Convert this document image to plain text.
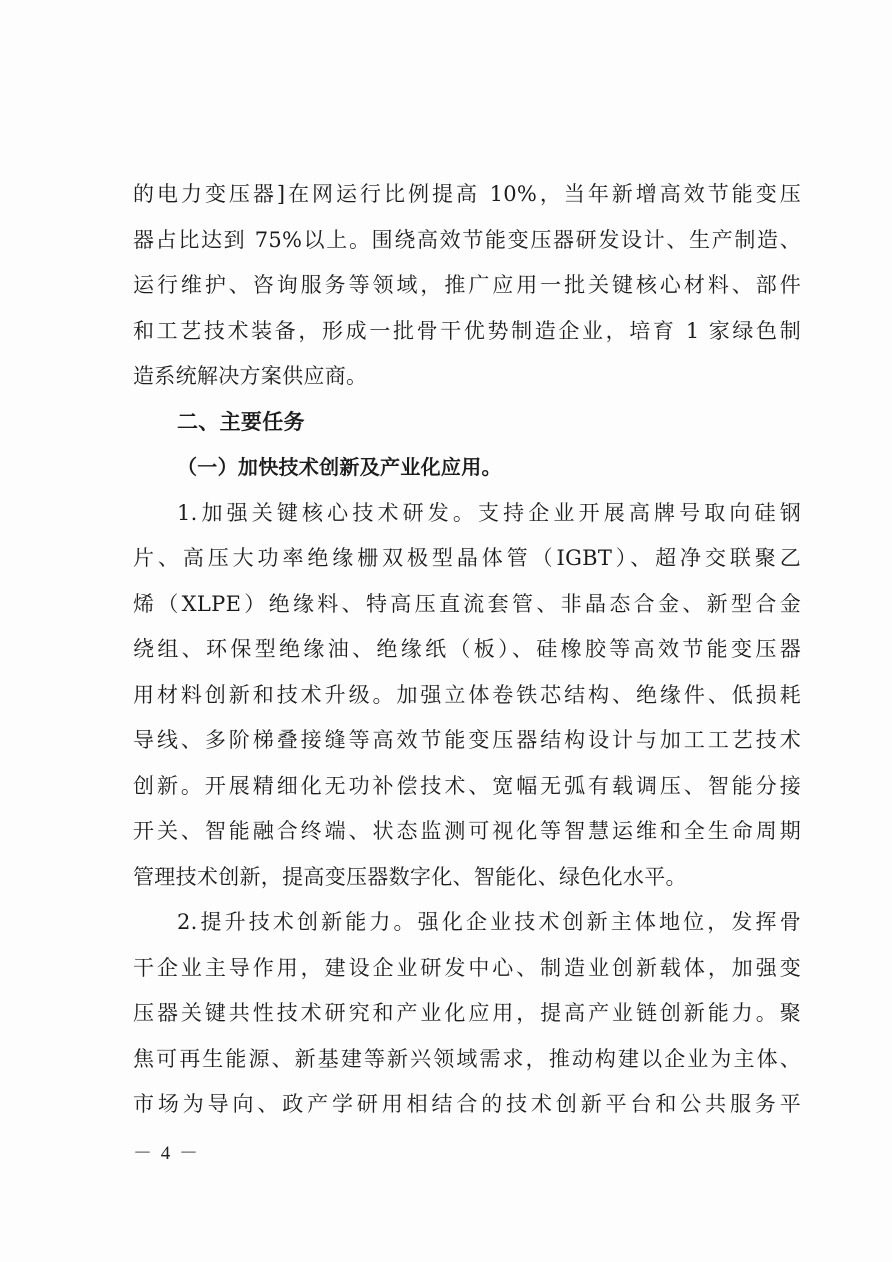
的电力变压器]在网运行比例提高 10%，当年新增高效节能变压
器占比达到 75%以上。围绕高效节能变压器研发设计、生产制造、
运行维护、咨询服务等领域，推广应用一批关键核心材料、部件
和工艺技术装备，形成一批骨干优势制造企业，培育 1 家绿色制
造系统解决方案供应商。
二、主要任务
（一）加快技术创新及产业化应用。
1.加强关键核心技术研发。支持企业开展高牌号取向硅钢
片、高压大功率绝缘栅双极型晶体管（IGBT）、超净交联聚乙
烯（XLPE）绝缘料、特高压直流套管、非晶态合金、新型合金
绕组、环保型绝缘油、绝缘纸（板）、硅橡胶等高效节能变压器
用材料创新和技术升级。加强立体卷铁芯结构、绝缘件、低损耗
导线、多阶梯叠接缝等高效节能变压器结构设计与加工工艺技术
创新。开展精细化无功补偿技术、宽幅无弧有载调压、智能分接
开关、智能融合终端、状态监测可视化等智慧运维和全生命周期
管理技术创新，提高变压器数字化、智能化、绿色化水平。
2.提升技术创新能力。强化企业技术创新主体地位，发挥骨
干企业主导作用，建设企业研发中心、制造业创新载体，加强变
压器关键共性技术研究和产业化应用，提高产业链创新能力。聚
焦可再生能源、新基建等新兴领域需求，推动构建以企业为主体、
市场为导向、政产学研用相结合的技术创新平台和公共服务平
－ 4 －
